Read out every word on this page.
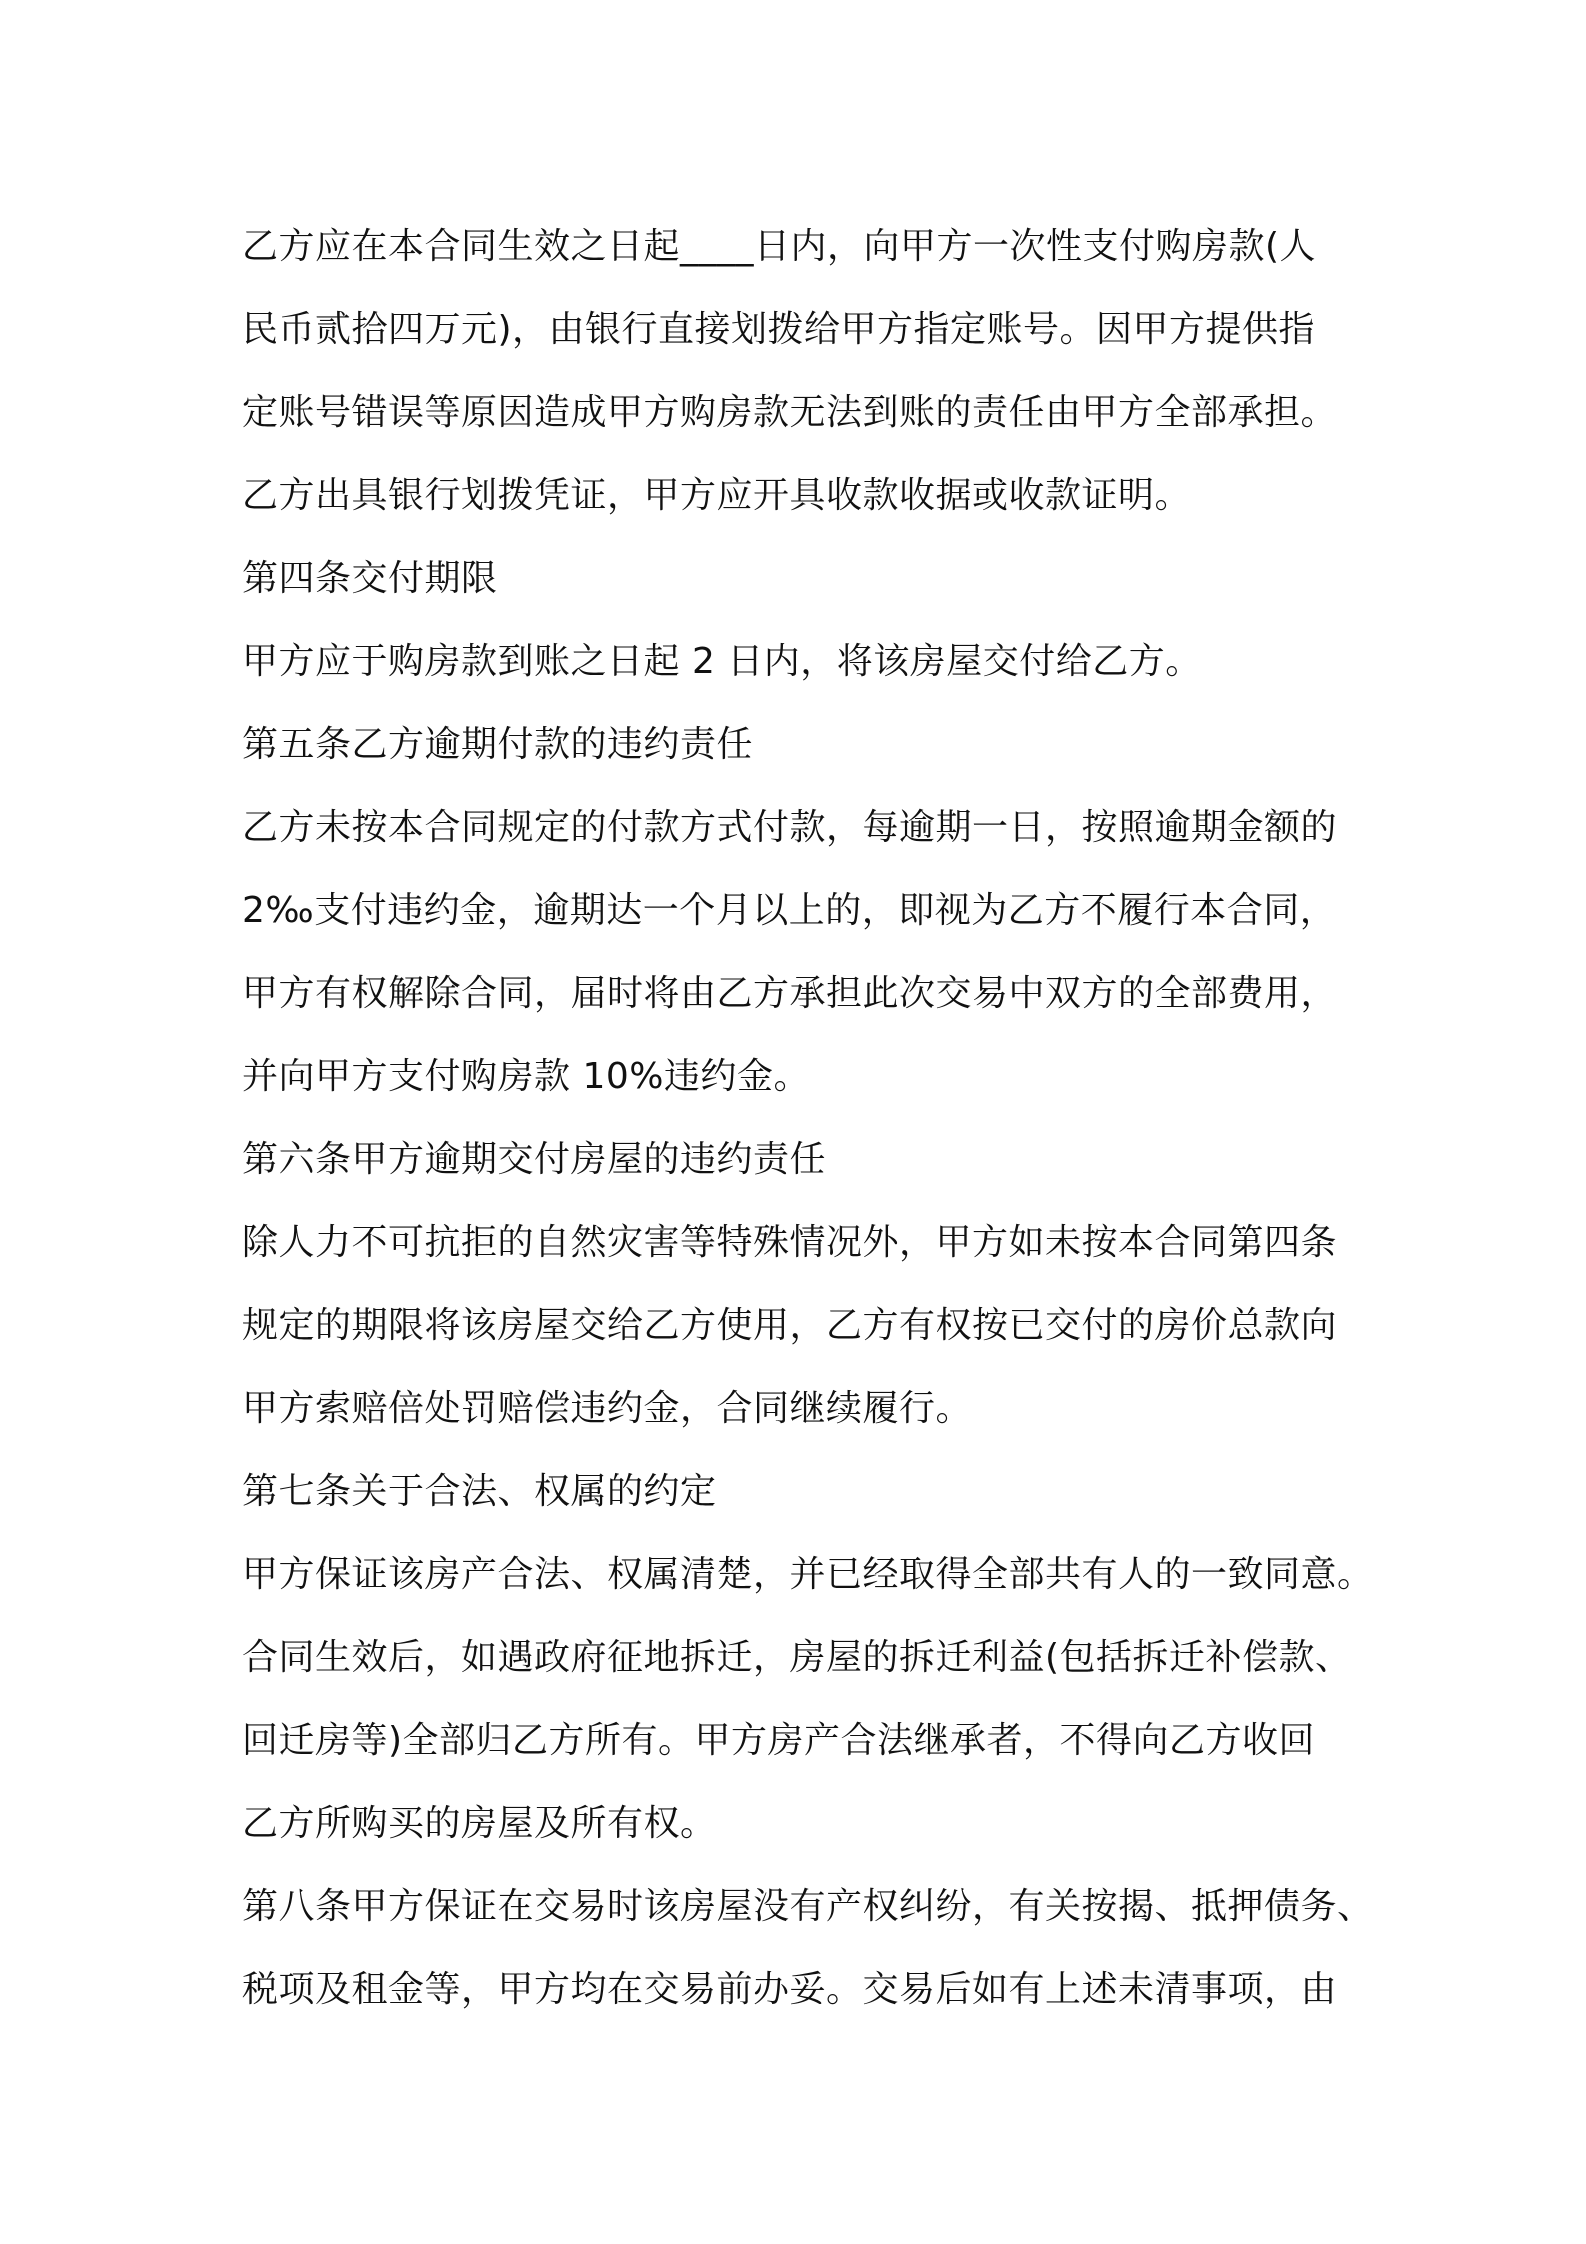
乙方应在本合同生效之日起____日内，向甲方一次性支付购房款(人
民币贰拾四万元)，由银行直接划拨给甲方指定账号。因甲方提供指
定账号错误等原因造成甲方购房款无法到账的责任由甲方全部承担。
乙方出具银行划拨凭证，甲方应开具收款收据或收款证明。
第四条交付期限
甲方应于购房款到账之日起 2 日内，将该房屋交付给乙方。
第五条乙方逾期付款的违约责任
乙方未按本合同规定的付款方式付款，每逾期一日，按照逾期金额的
2‰支付违约金，逾期达一个月以上的，即视为乙方不履行本合同，
甲方有权解除合同，届时将由乙方承担此次交易中双方的全部费用，
并向甲方支付购房款 10%违约金。
第六条甲方逾期交付房屋的违约责任
除人力不可抗拒的自然灾害等特殊情况外，甲方如未按本合同第四条
规定的期限将该房屋交给乙方使用，乙方有权按已交付的房价总款向
甲方索赔倍处罚赔偿违约金，合同继续履行。
第七条关于合法、权属的约定
甲方保证该房产合法、权属清楚，并已经取得全部共有人的一致同意。
合同生效后，如遇政府征地拆迁，房屋的拆迁利益(包括拆迁补偿款、
回迁房等)全部归乙方所有。甲方房产合法继承者，不得向乙方收回
乙方所购买的房屋及所有权。
第八条甲方保证在交易时该房屋没有产权纠纷，有关按揭、抵押债务、
税项及租金等，甲方均在交易前办妥。交易后如有上述未清事项，由
